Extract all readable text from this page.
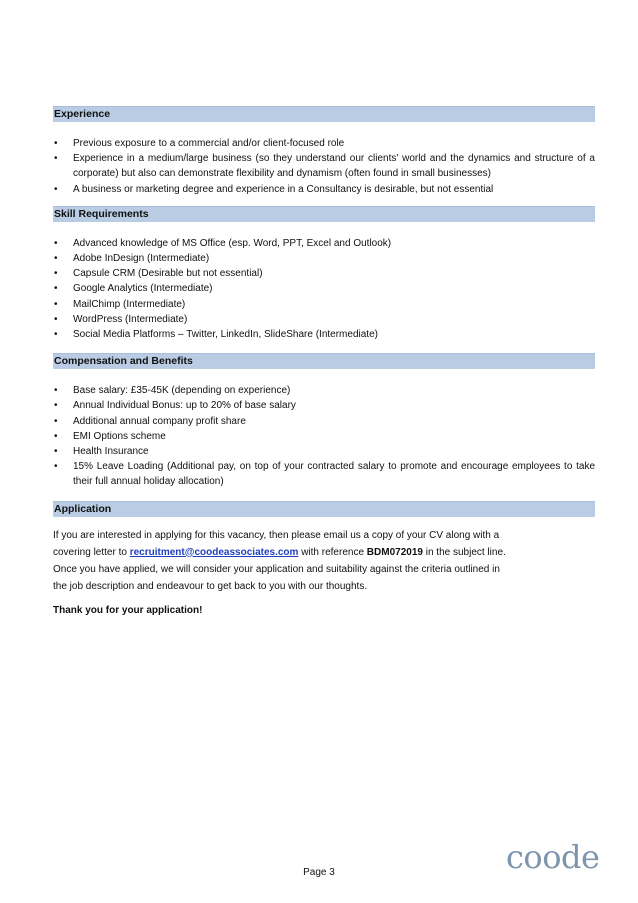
Experience
• Previous exposure to a commercial and/or client-focused role
• Experience in a medium/large business (so they understand our clients' world and the dynamics and structure of a corporate) but also can demonstrate flexibility and dynamism (often found in small businesses)
• A business or marketing degree and experience in a Consultancy is desirable, but not essential
Skill Requirements
• Advanced knowledge of MS Office (esp. Word, PPT, Excel and Outlook)
• Adobe InDesign (Intermediate)
• Capsule CRM (Desirable but not essential)
• Google Analytics (Intermediate)
• MailChimp (Intermediate)
• WordPress (Intermediate)
• Social Media Platforms – Twitter, LinkedIn, SlideShare (Intermediate)
Compensation and Benefits
• Base salary: £35-45K (depending on experience)
• Annual Individual Bonus: up to 20% of base salary
• Additional annual company profit share
• EMI Options scheme
• Health Insurance
• 15% Leave Loading (Additional pay, on top of your contracted salary to promote and encourage employees to take their full annual holiday allocation)
Application

If you are interested in applying for this vacancy, then please email us a copy of your CV along with a

covering letter to recruitment@coodeassociates.com with reference BDM072019 in the subject line.

Once you have applied, we will consider your application and suitability against the criteria outlined in

the job description and endeavour to get back to you with our thoughts.

Thank you for your application!
Page 3	coode
